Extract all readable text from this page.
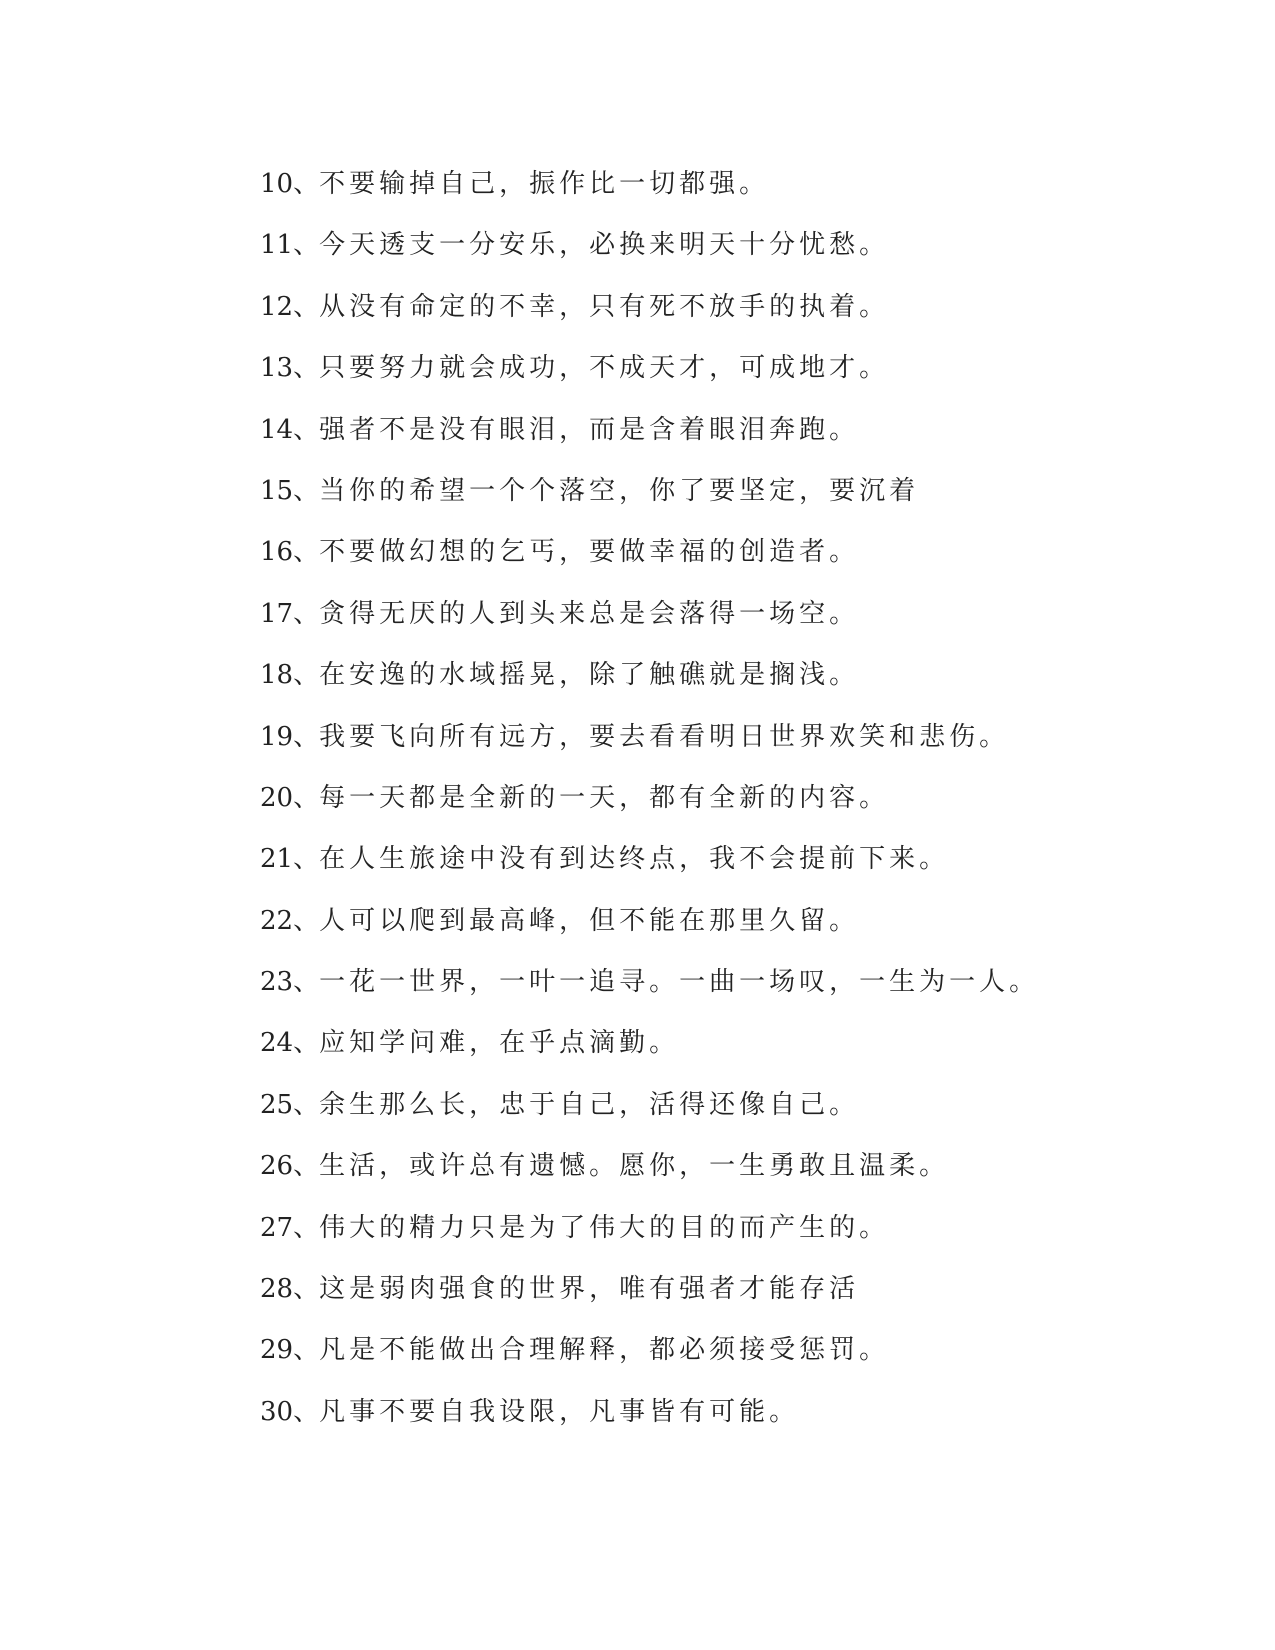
10、不要输掉自己，振作比一切都强。
11、今天透支一分安乐，必换来明天十分忧愁。
12、从没有命定的不幸，只有死不放手的执着。
13、只要努力就会成功，不成天才，可成地才。
14、强者不是没有眼泪，而是含着眼泪奔跑。
15、当你的希望一个个落空，你了要坚定，要沉着
16、不要做幻想的乞丐，要做幸福的创造者。
17、贪得无厌的人到头来总是会落得一场空。
18、在安逸的水域摇晃，除了触礁就是搁浅。
19、我要飞向所有远方，要去看看明日世界欢笑和悲伤。
20、每一天都是全新的一天，都有全新的内容。
21、在人生旅途中没有到达终点，我不会提前下来。
22、人可以爬到最高峰，但不能在那里久留。
23、一花一世界，一叶一追寻。一曲一场叹，一生为一人。
24、应知学问难，在乎点滴勤。
25、余生那么长，忠于自己，活得还像自己。
26、生活，或许总有遗憾。愿你，一生勇敢且温柔。
27、伟大的精力只是为了伟大的目的而产生的。
28、这是弱肉强食的世界，唯有强者才能存活
29、凡是不能做出合理解释，都必须接受惩罚。
30、凡事不要自我设限，凡事皆有可能。
